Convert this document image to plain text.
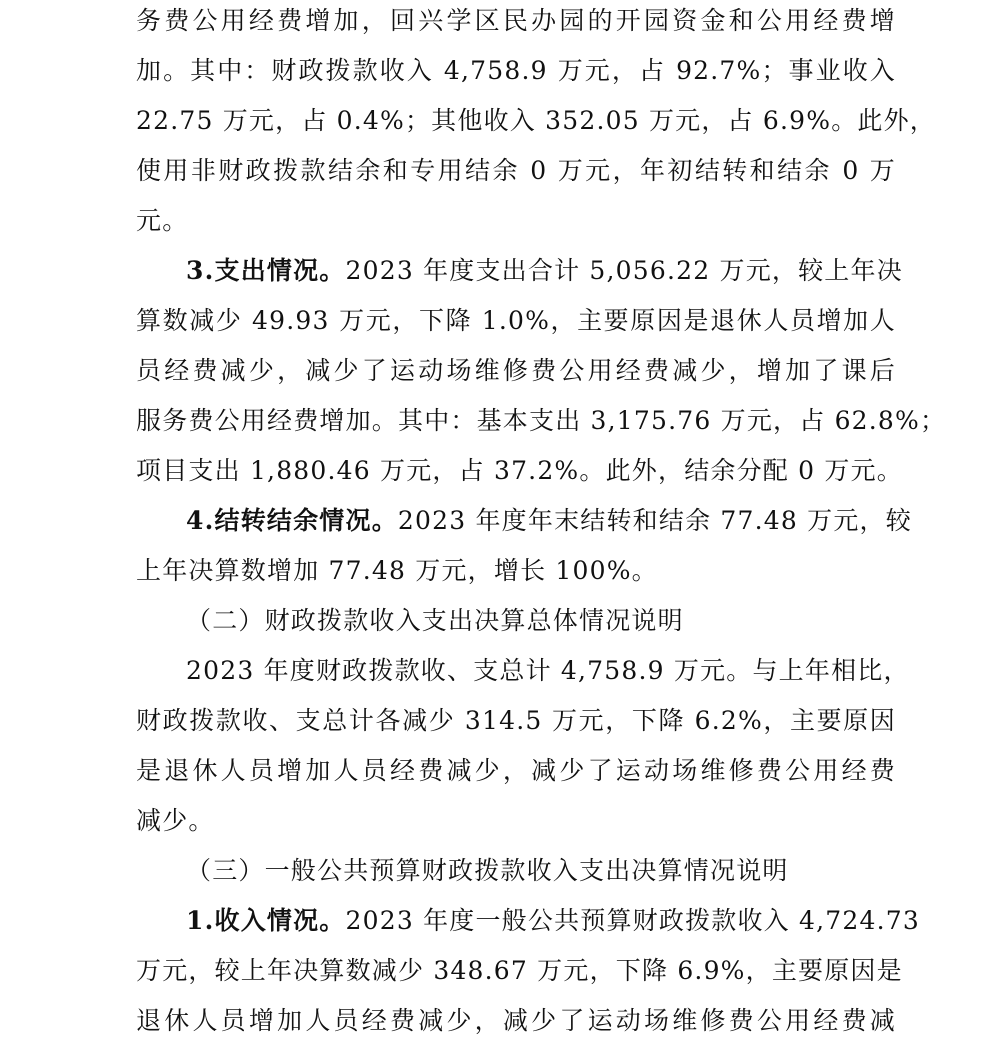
务费公用经费增加，回兴学区民办园的开园资金和公用经费增
加。其中：财政拨款收入 4,758.9 万元，占 92.7%；事业收入
22.75 万元，占 0.4%；其他收入 352.05 万元，占 6.9%。此外，
使用非财政拨款结余和专用结余 0 万元，年初结转和结余 0 万
元。
3.支出情况。2023 年度支出合计 5,056.22 万元，较上年决
算数减少 49.93 万元，下降 1.0%，主要原因是退休人员增加人
员经费减少，减少了运动场维修费公用经费减少，增加了课后
服务费公用经费增加。其中：基本支出 3,175.76 万元，占 62.8%；
项目支出 1,880.46 万元，占 37.2%。此外，结余分配 0 万元。
4.结转结余情况。2023 年度年末结转和结余 77.48 万元，较
上年决算数增加 77.48 万元，增长 100%。
（二）财政拨款收入支出决算总体情况说明
2023 年度财政拨款收、支总计 4,758.9 万元。与上年相比，
财政拨款收、支总计各减少 314.5 万元，下降 6.2%，主要原因
是退休人员增加人员经费减少，减少了运动场维修费公用经费
减少。
（三）一般公共预算财政拨款收入支出决算情况说明
1.收入情况。2023 年度一般公共预算财政拨款收入 4,724.73
万元，较上年决算数减少 348.67 万元，下降 6.9%，主要原因是
退休人员增加人员经费减少，减少了运动场维修费公用经费减
